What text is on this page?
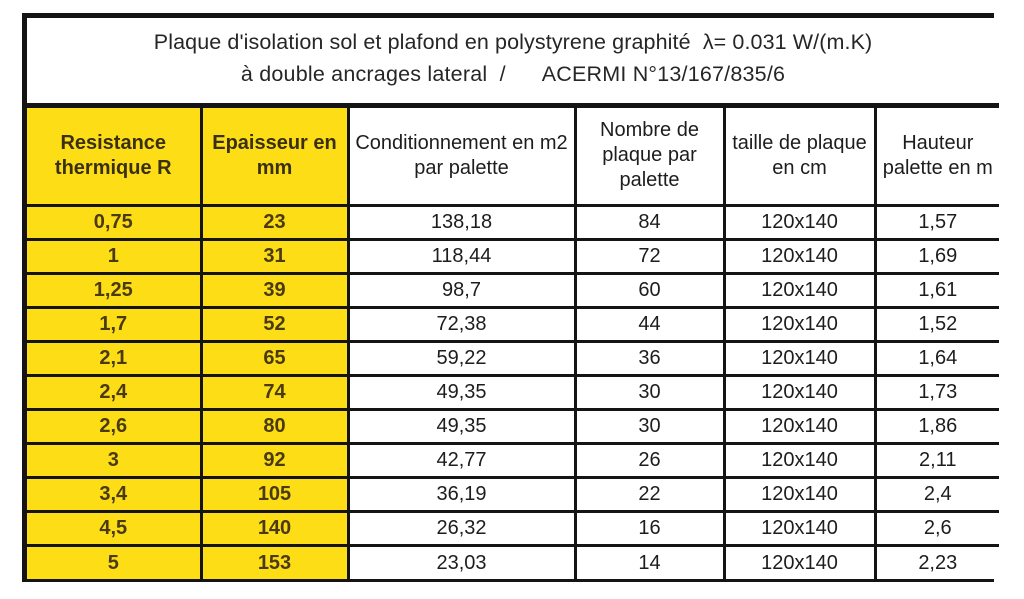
Plaque d'isolation sol et plafond en polystyrene graphité  λ= 0.031 W/(m.K)
à double ancrages lateral  /      ACERMI N°13/167/835/6					

Resistance thermique R	Epaisseur en mm	Conditionnement en m2 par palette	Nombre de plaque par palette	taille de plaque en cm	Hauteur palette en m
0,75	23	138,18	84	120x140	1,57
1	31	118,44	72	120x140	1,69
1,25	39	98,7	60	120x140	1,61
1,7	52	72,38	44	120x140	1,52
2,1	65	59,22	36	120x140	1,64
2,4	74	49,35	30	120x140	1,73
2,6	80	49,35	30	120x140	1,86
3	92	42,77	26	120x140	2,11
3,4	105	36,19	22	120x140	2,4
4,5	140	26,32	16	120x140	2,6
5	153	23,03	14	120x140	2,23
